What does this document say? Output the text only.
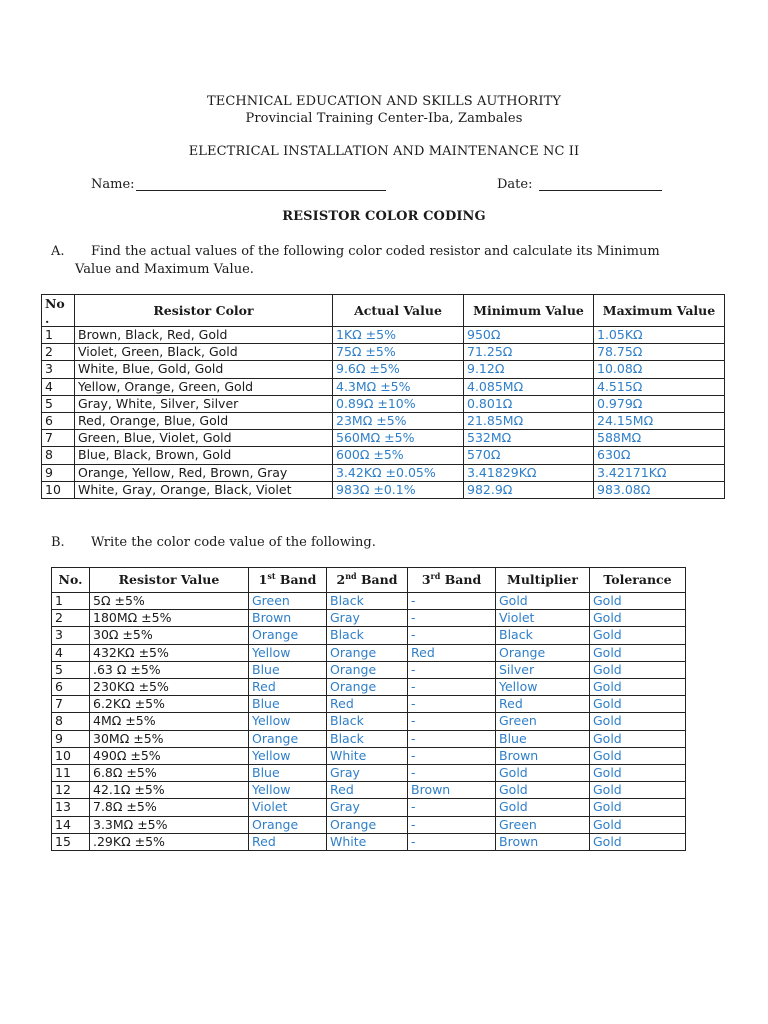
TECHNICAL EDUCATION AND SKILLS AUTHORITY
Provincial Training Center-Iba, Zambales
ELECTRICAL INSTALLATION AND MAINTENANCE NC II
Name:	Date:
RESISTOR COLOR CODING
A. Find the actual values of the following color coded resistor and calculate its Minimum
Value and Maximum Value.
No
.	Resistor Color	Actual Value	Minimum Value	Maximum Value
1	Brown, Black, Red, Gold	1KΩ ±5%	950Ω	1.05KΩ
2	Violet, Green, Black, Gold	75Ω ±5%	71.25Ω	78.75Ω
3	White, Blue, Gold, Gold	9.6Ω ±5%	9.12Ω	10.08Ω
4	Yellow, Orange, Green, Gold	4.3MΩ ±5%	4.085MΩ	4.515Ω
5	Gray, White, Silver, Silver	0.89Ω ±10%	0.801Ω	0.979Ω
6	Red, Orange, Blue, Gold	23MΩ ±5%	21.85MΩ	24.15MΩ
7	Green, Blue, Violet, Gold	560MΩ ±5%	532MΩ	588MΩ
8	Blue, Black, Brown, Gold	600Ω ±5%	570Ω	630Ω
9	Orange, Yellow, Red, Brown, Gray	3.42KΩ ±0.05%	3.41829KΩ	3.42171KΩ
10	White, Gray, Orange, Black, Violet	983Ω ±0.1%	982.9Ω	983.08Ω
B. Write the color code value of the following.
No.	Resistor Value	1st Band	2nd Band	3rd Band	Multiplier	Tolerance
1	5Ω ±5%	Green	Black	-	Gold	Gold
2	180MΩ ±5%	Brown	Gray	-	Violet	Gold
3	30Ω ±5%	Orange	Black	-	Black	Gold
4	432KΩ ±5%	Yellow	Orange	Red	Orange	Gold
5	.63 Ω ±5%	Blue	Orange	-	Silver	Gold
6	230KΩ ±5%	Red	Orange	-	Yellow	Gold
7	6.2KΩ ±5%	Blue	Red	-	Red	Gold
8	4MΩ ±5%	Yellow	Black	-	Green	Gold
9	30MΩ ±5%	Orange	Black	-	Blue	Gold
10	490Ω ±5%	Yellow	White	-	Brown	Gold
11	6.8Ω ±5%	Blue	Gray	-	Gold	Gold
12	42.1Ω ±5%	Yellow	Red	Brown	Gold	Gold
13	7.8Ω ±5%	Violet	Gray	-	Gold	Gold
14	3.3MΩ ±5%	Orange	Orange	-	Green	Gold
15	.29KΩ ±5%	Red	White	-	Brown	Gold
